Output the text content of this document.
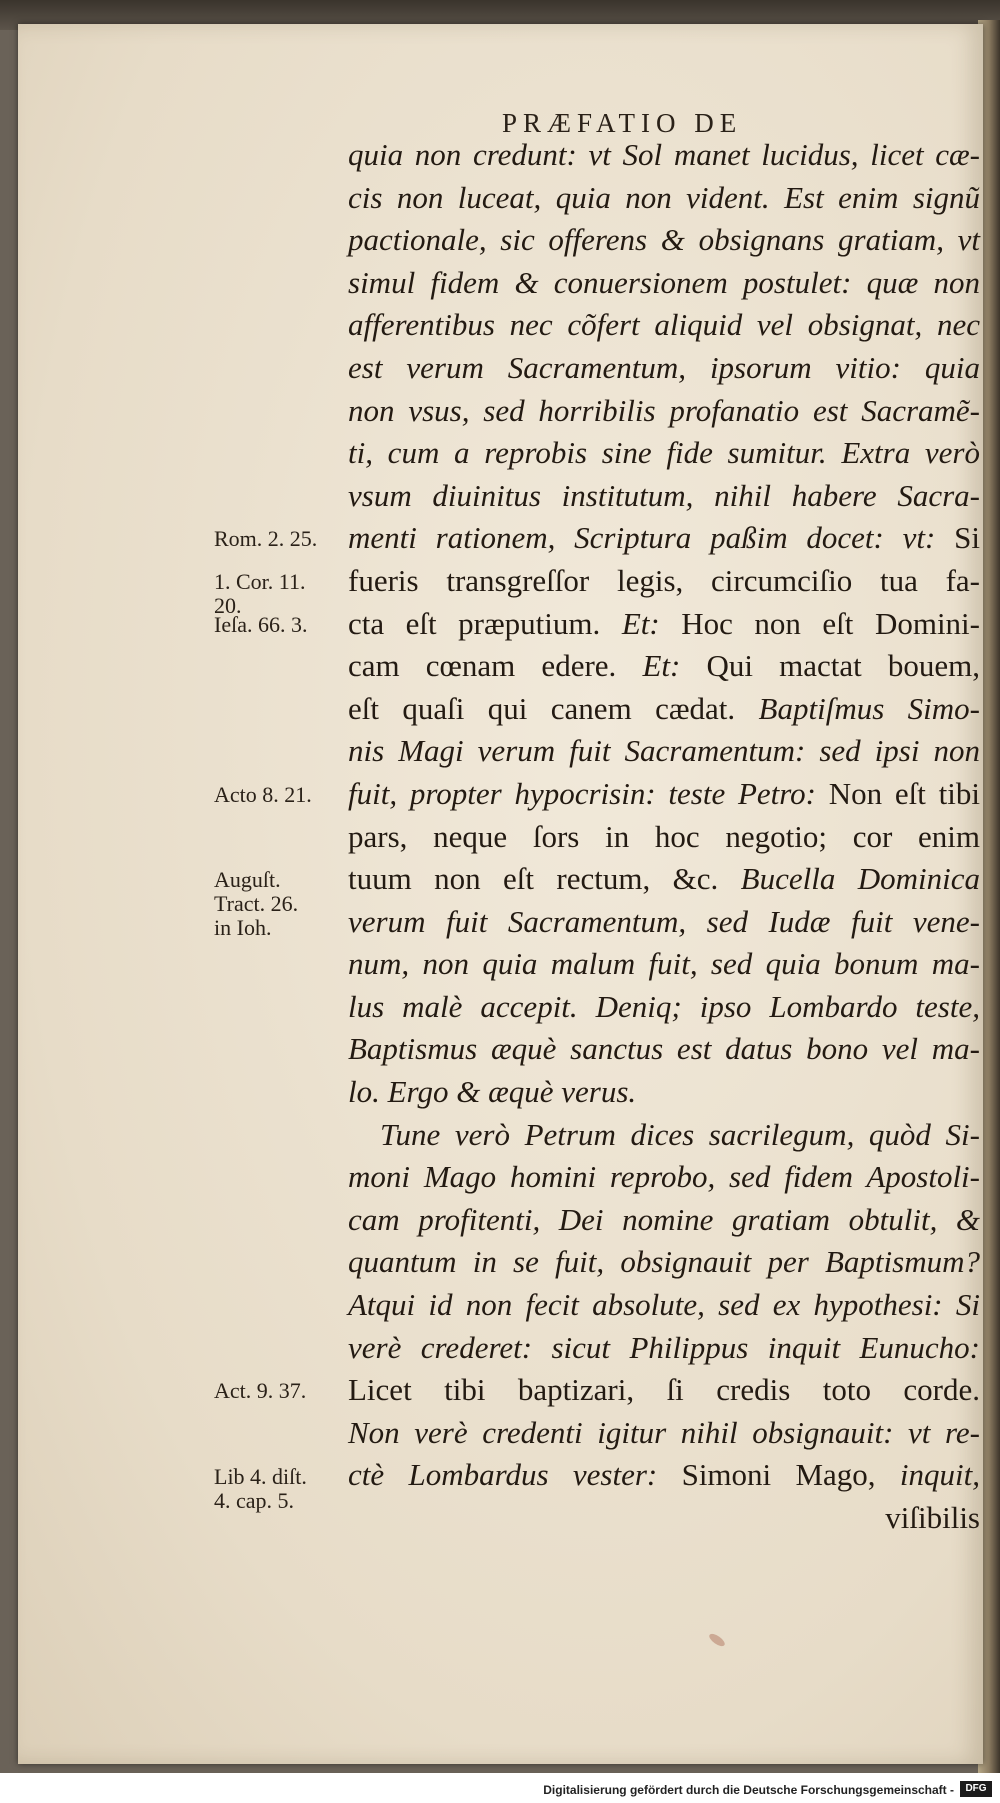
PRÆFATIO DE
quia non credunt: vt Sol manet lucidus, licet cæ-
cis non luceat, quia non vident. Est enim signũ
pactionale, sic offerens & obsignans gratiam, vt
simul fidem & conuersionem postulet: quæ non
afferentibus nec cõfert aliquid vel obsignat, nec
est verum Sacramentum, ipsorum vitio: quia
non vsus, sed horribilis profanatio est Sacramẽ-
ti, cum a reprobis sine fide sumitur. Extra verò
vsum diuinitus institutum, nihil habere Sacra-
menti rationem, Scriptura paßim docet: vt: Si
fueris transgreſſor legis, circumciſio tua fa-
cta eſt præputium. Et: Hoc non eſt Domini-
cam cœnam edere. Et: Qui mactat bouem,
eſt quaſi qui canem cædat. Baptiſmus Simo-
nis Magi verum fuit Sacramentum: sed ipsi non
fuit, propter hypocrisin: teste Petro: Non eſt tibi
pars, neque ſors in hoc negotio; cor enim
tuum non eſt rectum, &c. Bucella Dominica
verum fuit Sacramentum, sed Iudæ fuit vene-
num, non quia malum fuit, sed quia bonum ma-
lus malè accepit. Deniq; ipso Lombardo teste,
Baptismus æquè sanctus est datus bono vel ma-
lo. Ergo & æquè verus.
Tune verò Petrum dices sacrilegum, quòd Si-
moni Mago homini reprobo, sed fidem Apostoli-
cam profitenti, Dei nomine gratiam obtulit, &
quantum in se fuit, obsignauit per Baptismum?
Atqui id non fecit absolute, sed ex hypothesi: Si
verè crederet: sicut Philippus inquit Eunucho:
Licet tibi baptizari, ſi credis toto corde.
Non verè credenti igitur nihil obsignauit: vt re-
ctè Lombardus vester: Simoni Mago, inquit,
viſibilis
Rom. 2. 25.
1. Cor. 11.
20.
Ieſa. 66. 3.
Acto 8. 21.
Auguſt.
Tract. 26.
in Ioh.
Act. 9. 37.
Lib 4. diſt.
4. cap. 5.
Digitalisierung gefördert durch die Deutsche Forschungsgemeinschaft -	DFG
